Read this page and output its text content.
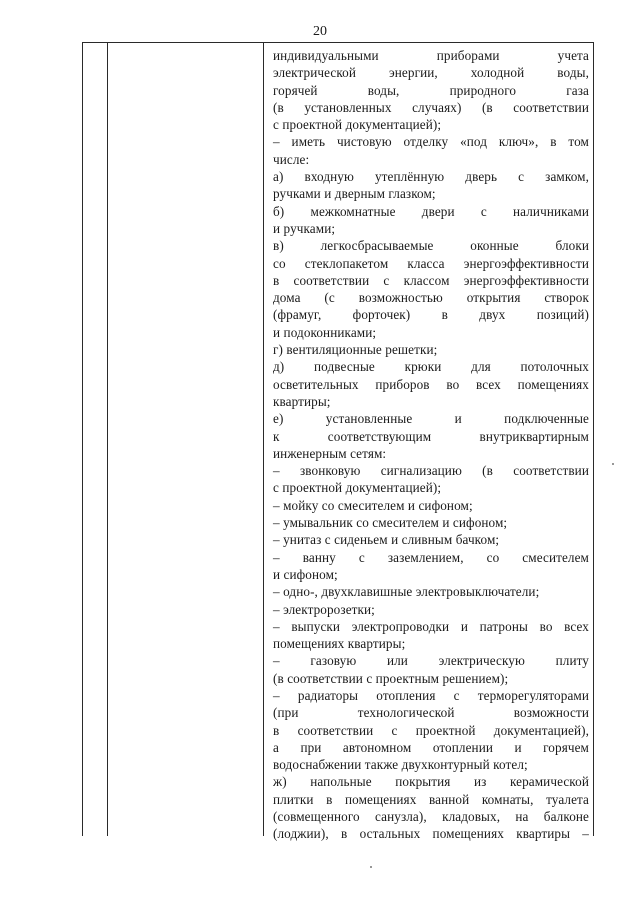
20
индивидуальными приборами учета
электрической энергии, холодной воды,
горячей воды, природного газа
(в установленных случаях) (в соответствии
с проектной документацией);
– иметь чистовую отделку «под ключ», в том
числе:
а) входную утеплённую дверь с замком,
ручками и дверным глазком;
б) межкомнатные двери с наличниками
и ручками;
в) легкосбрасываемые оконные блоки
со стеклопакетом класса энергоэффективности
в соответствии с классом энергоэффективности
дома (с возможностью открытия створок
(фрамуг, форточек) в двух позиций)
и подоконниками;
г) вентиляционные решетки;
д) подвесные крюки для потолочных
осветительных приборов во всех помещениях
квартиры;
е) установленные и подключенные
к соответствующим внутриквартирным
инженерным сетям:
– звонковую сигнализацию (в соответствии
с проектной документацией);
– мойку со смесителем и сифоном;
– умывальник со смесителем и сифоном;
– унитаз с сиденьем и сливным бачком;
– ванну с заземлением, со смесителем
и сифоном;
– одно-, двухклавишные электровыключатели;
– электророзетки;
– выпуски электропроводки и патроны во всех
помещениях квартиры;
– газовую или электрическую плиту
(в соответствии с проектным решением);
– радиаторы отопления с терморегуляторами
(при технологической возможности
в соответствии с проектной документацией),
а при автономном отоплении и горячем
водоснабжении также двухконтурный котел;
ж) напольные покрытия из керамической
плитки в помещениях ванной комнаты, туалета
(совмещенного санузла), кладовых, на балконе
(лоджии), в остальных помещениях квартиры –
